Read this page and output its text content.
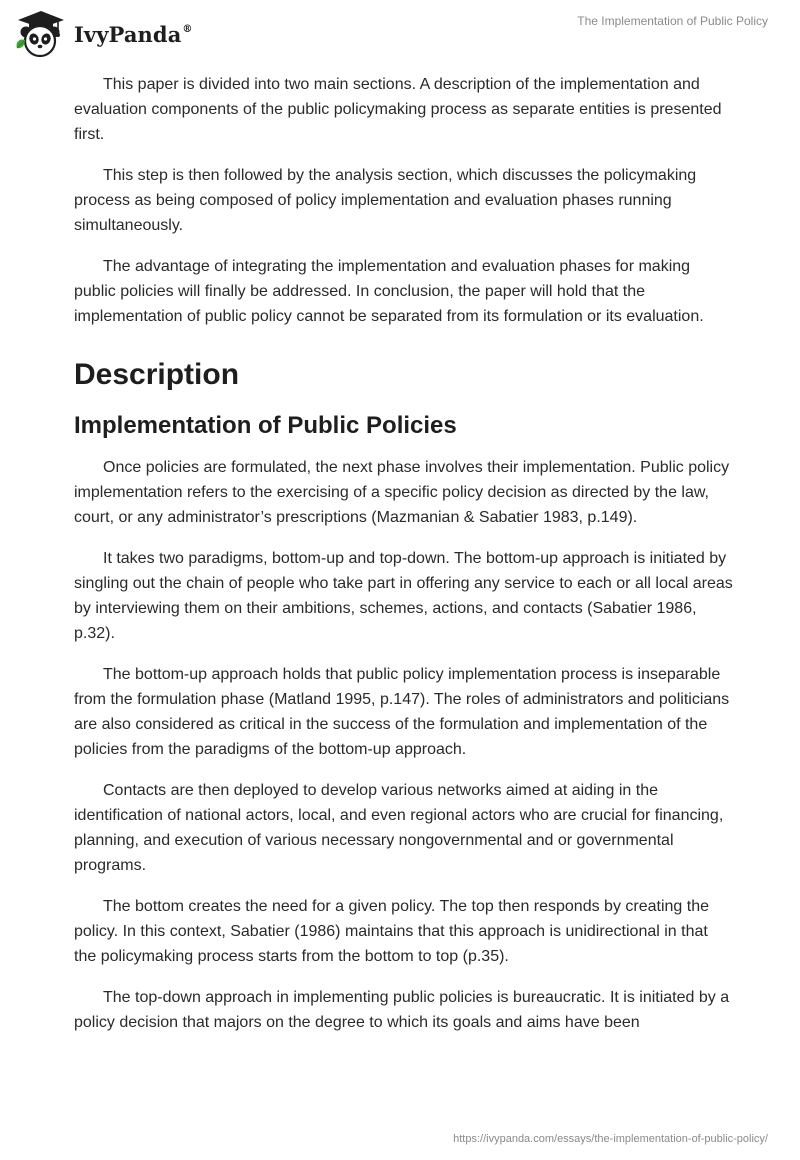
IvyPanda®
The Implementation of Public Policy

This paper is divided into two main sections. A description of the implementation and evaluation components of the public policymaking process as separate entities is presented first.

This step is then followed by the analysis section, which discusses the policymaking process as being composed of policy implementation and evaluation phases running simultaneously.

The advantage of integrating the implementation and evaluation phases for making public policies will finally be addressed. In conclusion, the paper will hold that the implementation of public policy cannot be separated from its formulation or its evaluation.

Description
Implementation of Public Policies

Once policies are formulated, the next phase involves their implementation. Public policy implementation refers to the exercising of a specific policy decision as directed by the law, court, or any administrator’s prescriptions (Mazmanian & Sabatier 1983, p.149).

It takes two paradigms, bottom-up and top-down. The bottom-up approach is initiated by singling out the chain of people who take part in offering any service to each or all local areas by interviewing them on their ambitions, schemes, actions, and contacts (Sabatier 1986, p.32).

The bottom-up approach holds that public policy implementation process is inseparable from the formulation phase (Matland 1995, p.147). The roles of administrators and politicians are also considered as critical in the success of the formulation and implementation of the policies from the paradigms of the bottom-up approach.

Contacts are then deployed to develop various networks aimed at aiding in the identification of national actors, local, and even regional actors who are crucial for financing, planning, and execution of various necessary nongovernmental and or governmental programs.

The bottom creates the need for a given policy. The top then responds by creating the policy. In this context, Sabatier (1986) maintains that this approach is unidirectional in that the policymaking process starts from the bottom to top (p.35).

The top-down approach in implementing public policies is bureaucratic. It is initiated by a policy decision that majors on the degree to which its goals and aims have been

https://ivypanda.com/essays/the-implementation-of-public-policy/
